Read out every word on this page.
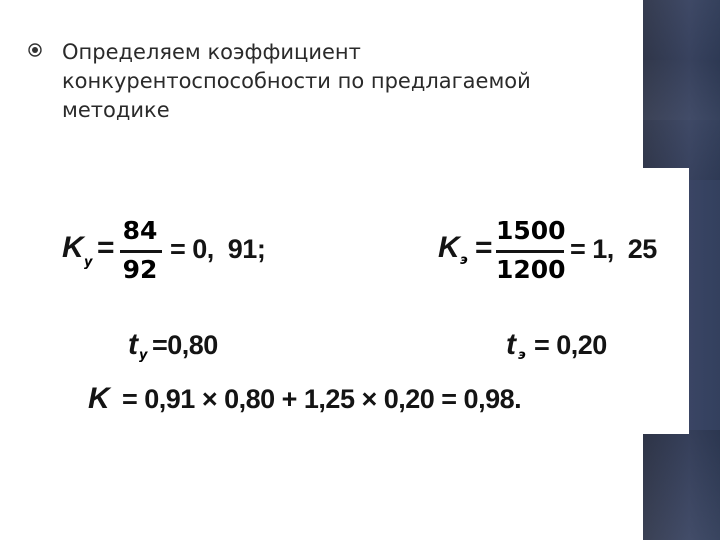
Определяем коэффициент
конкурентоспособности по предлагаемой
методике
K у =
84
92
= 0,  91;	K э =
1500
1200
= 1,  25
t у =0,80	t э = 0,20
K = 0,91 × 0,80 + 1,25 × 0,20 = 0,98.
